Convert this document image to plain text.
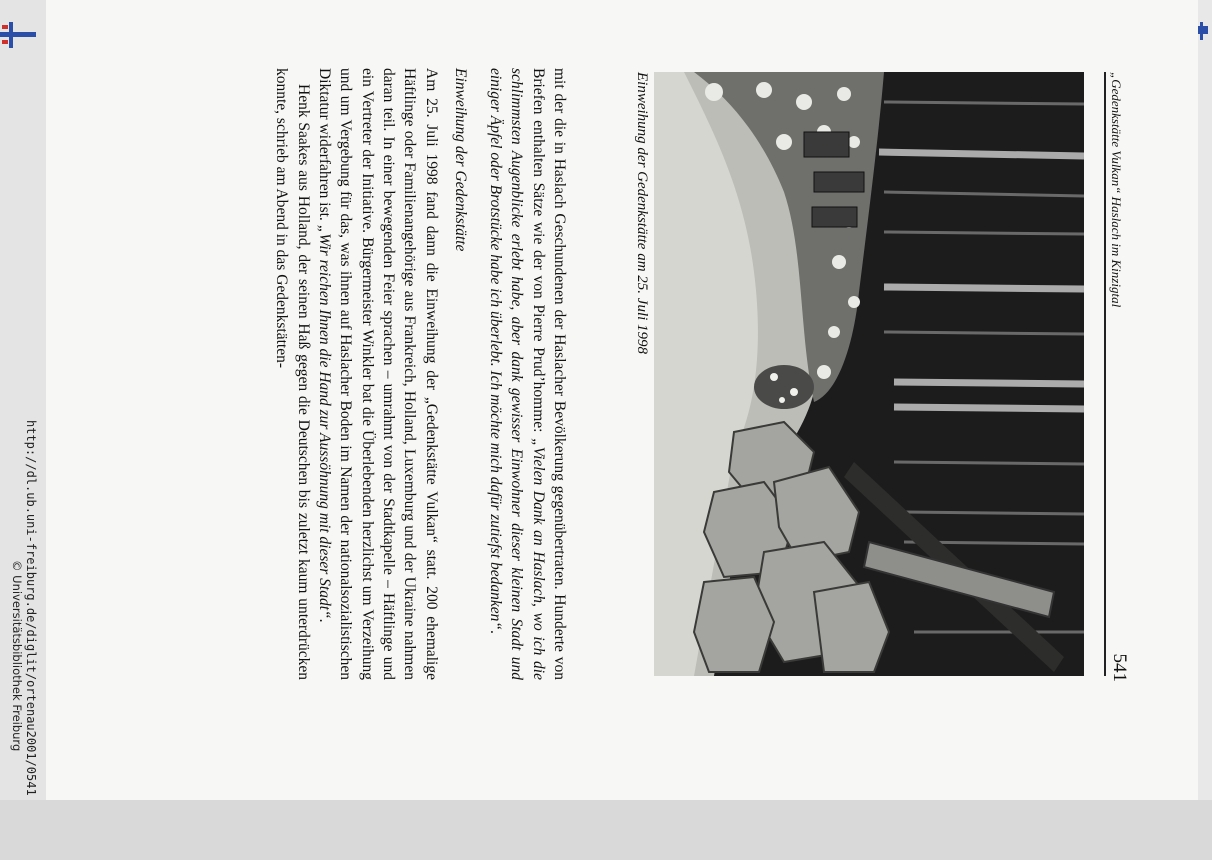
„Gedenkstätte Vulkan“ Haslach im Kinzigtal
541

Einweihung der Gedenkstätte am 25. Juli 1998

mit der die in Haslach Geschundenen der Haslacher Bevölkerung gegenübertraten. Hunderte von Briefen enthalten Sätze wie der von Pierre Prud’homme: „Vielen Dank an Haslach, wo ich die schlimmsten Augenblicke erlebt habe, aber dank gewisser Einwohner dieser kleinen Stadt und einiger Äpfel oder Brotstücke habe ich überlebt. Ich möchte mich dafür zutiefst bedanken“.

Einweihung der Gedenkstätte

Am 25. Juli 1998 fand dann die Einweihung der „Gedenkstätte Vulkan“ statt. 200 ehemalige Häftlinge oder Familienangehörige aus Frankreich, Holland, Luxemburg und der Ukraine nahmen daran teil. In einer bewegenden Feier sprachen – umrahmt von der Stadtkapelle – Häftlinge und ein Vertreter der Initiative. Bürgermeister Winkler bat die Überlebenden herzlichst um Verzeihung und um Vergebung für das, was ihnen auf Haslacher Boden im Namen der nationalsozialistischen Diktatur widerfahren ist. „Wir reichen Ihnen die Hand zur Aussöhnung mit dieser Stadt“.

Henk Saakes aus Holland, der seinen Haß gegen die Deutschen bis zuletzt kaum unterdrücken konnte, schrieb am Abend in das Gedenkstätten-

http://dl.ub.uni-freiburg.de/diglit/ortenau2001/0541
© Universitätsbibliothek Freiburg
